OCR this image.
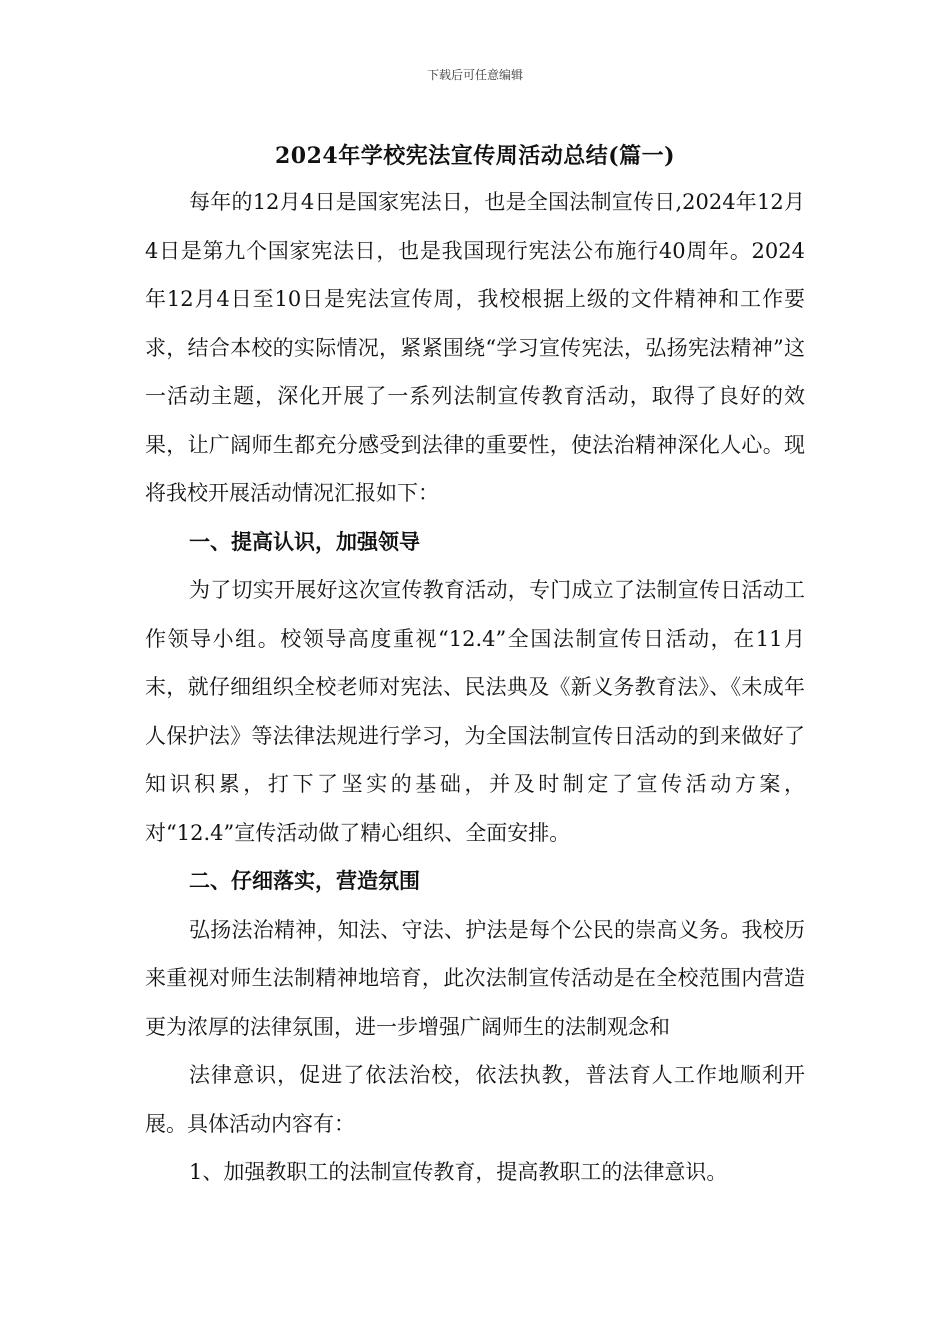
下载后可任意编辑
2024年学校宪法宣传周活动总结(篇一)

每年的12月4日是国家宪法日，也是全国法制宣传日,2024年12月4日是第九个国家宪法日，也是我国现行宪法公布施行40周年。2024年12月4日至10日是宪法宣传周，我校根据上级的文件精神和工作要求，结合本校的实际情况，紧紧围绕“学习宣传宪法，弘扬宪法精神”这一活动主题，深化开展了一系列法制宣传教育活动，取得了良好的效果，让广阔师生都充分感受到法律的重要性，使法治精神深化人心。现将我校开展活动情况汇报如下：

一、提高认识，加强领导

为了切实开展好这次宣传教育活动，专门成立了法制宣传日活动工作领导小组。校领导高度重视“12.4”全国法制宣传日活动，在11月末，就仔细组织全校老师对宪法、民法典及《新义务教育法》、《未成年人保护法》等法律法规进行学习，为全国法制宣传日活动的到来做好了知识积累，打下了坚实的基础，并及时制定了宣传活动方案，对“12.4”宣传活动做了精心组织、全面安排。

二、仔细落实，营造氛围

弘扬法治精神，知法、守法、护法是每个公民的崇高义务。我校历来重视对师生法制精神地培育，此次法制宣传活动是在全校范围内营造更为浓厚的法律氛围，进一步增强广阔师生的法制观念和

法律意识，促进了依法治校，依法执教，普法育人工作地顺利开展。具体活动内容有：

1、加强教职工的法制宣传教育，提高教职工的法律意识。
